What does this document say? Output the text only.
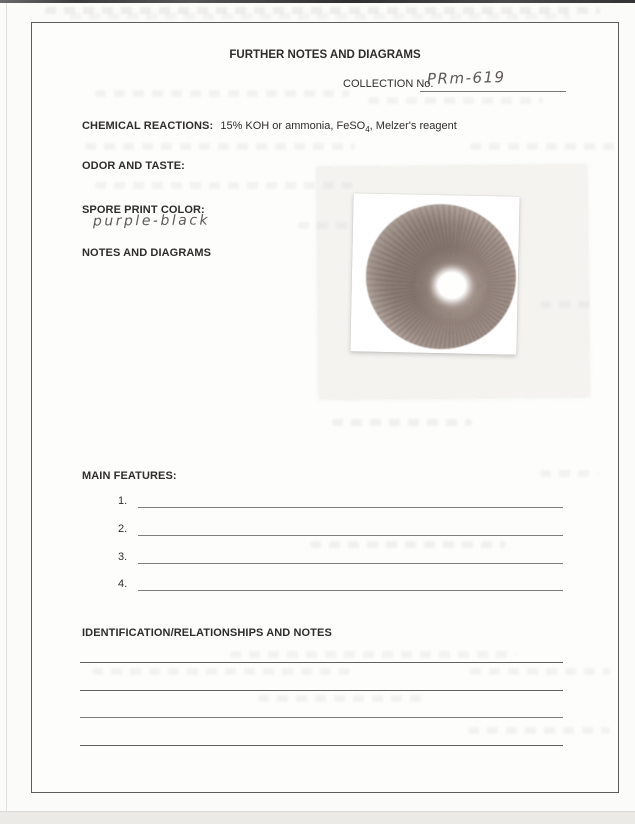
FURTHER NOTES AND DIAGRAMS
COLLECTION No.
PRm-619
CHEMICAL REACTIONS: 15% KOH or ammonia, FeSO$_4$, Melzer's reagent
ODOR AND TASTE:
SPORE PRINT COLOR:
purple-black
NOTES AND DIAGRAMS
MAIN FEATURES:
1.
2.
3.
4.
IDENTIFICATION/RELATIONSHIPS AND NOTES
